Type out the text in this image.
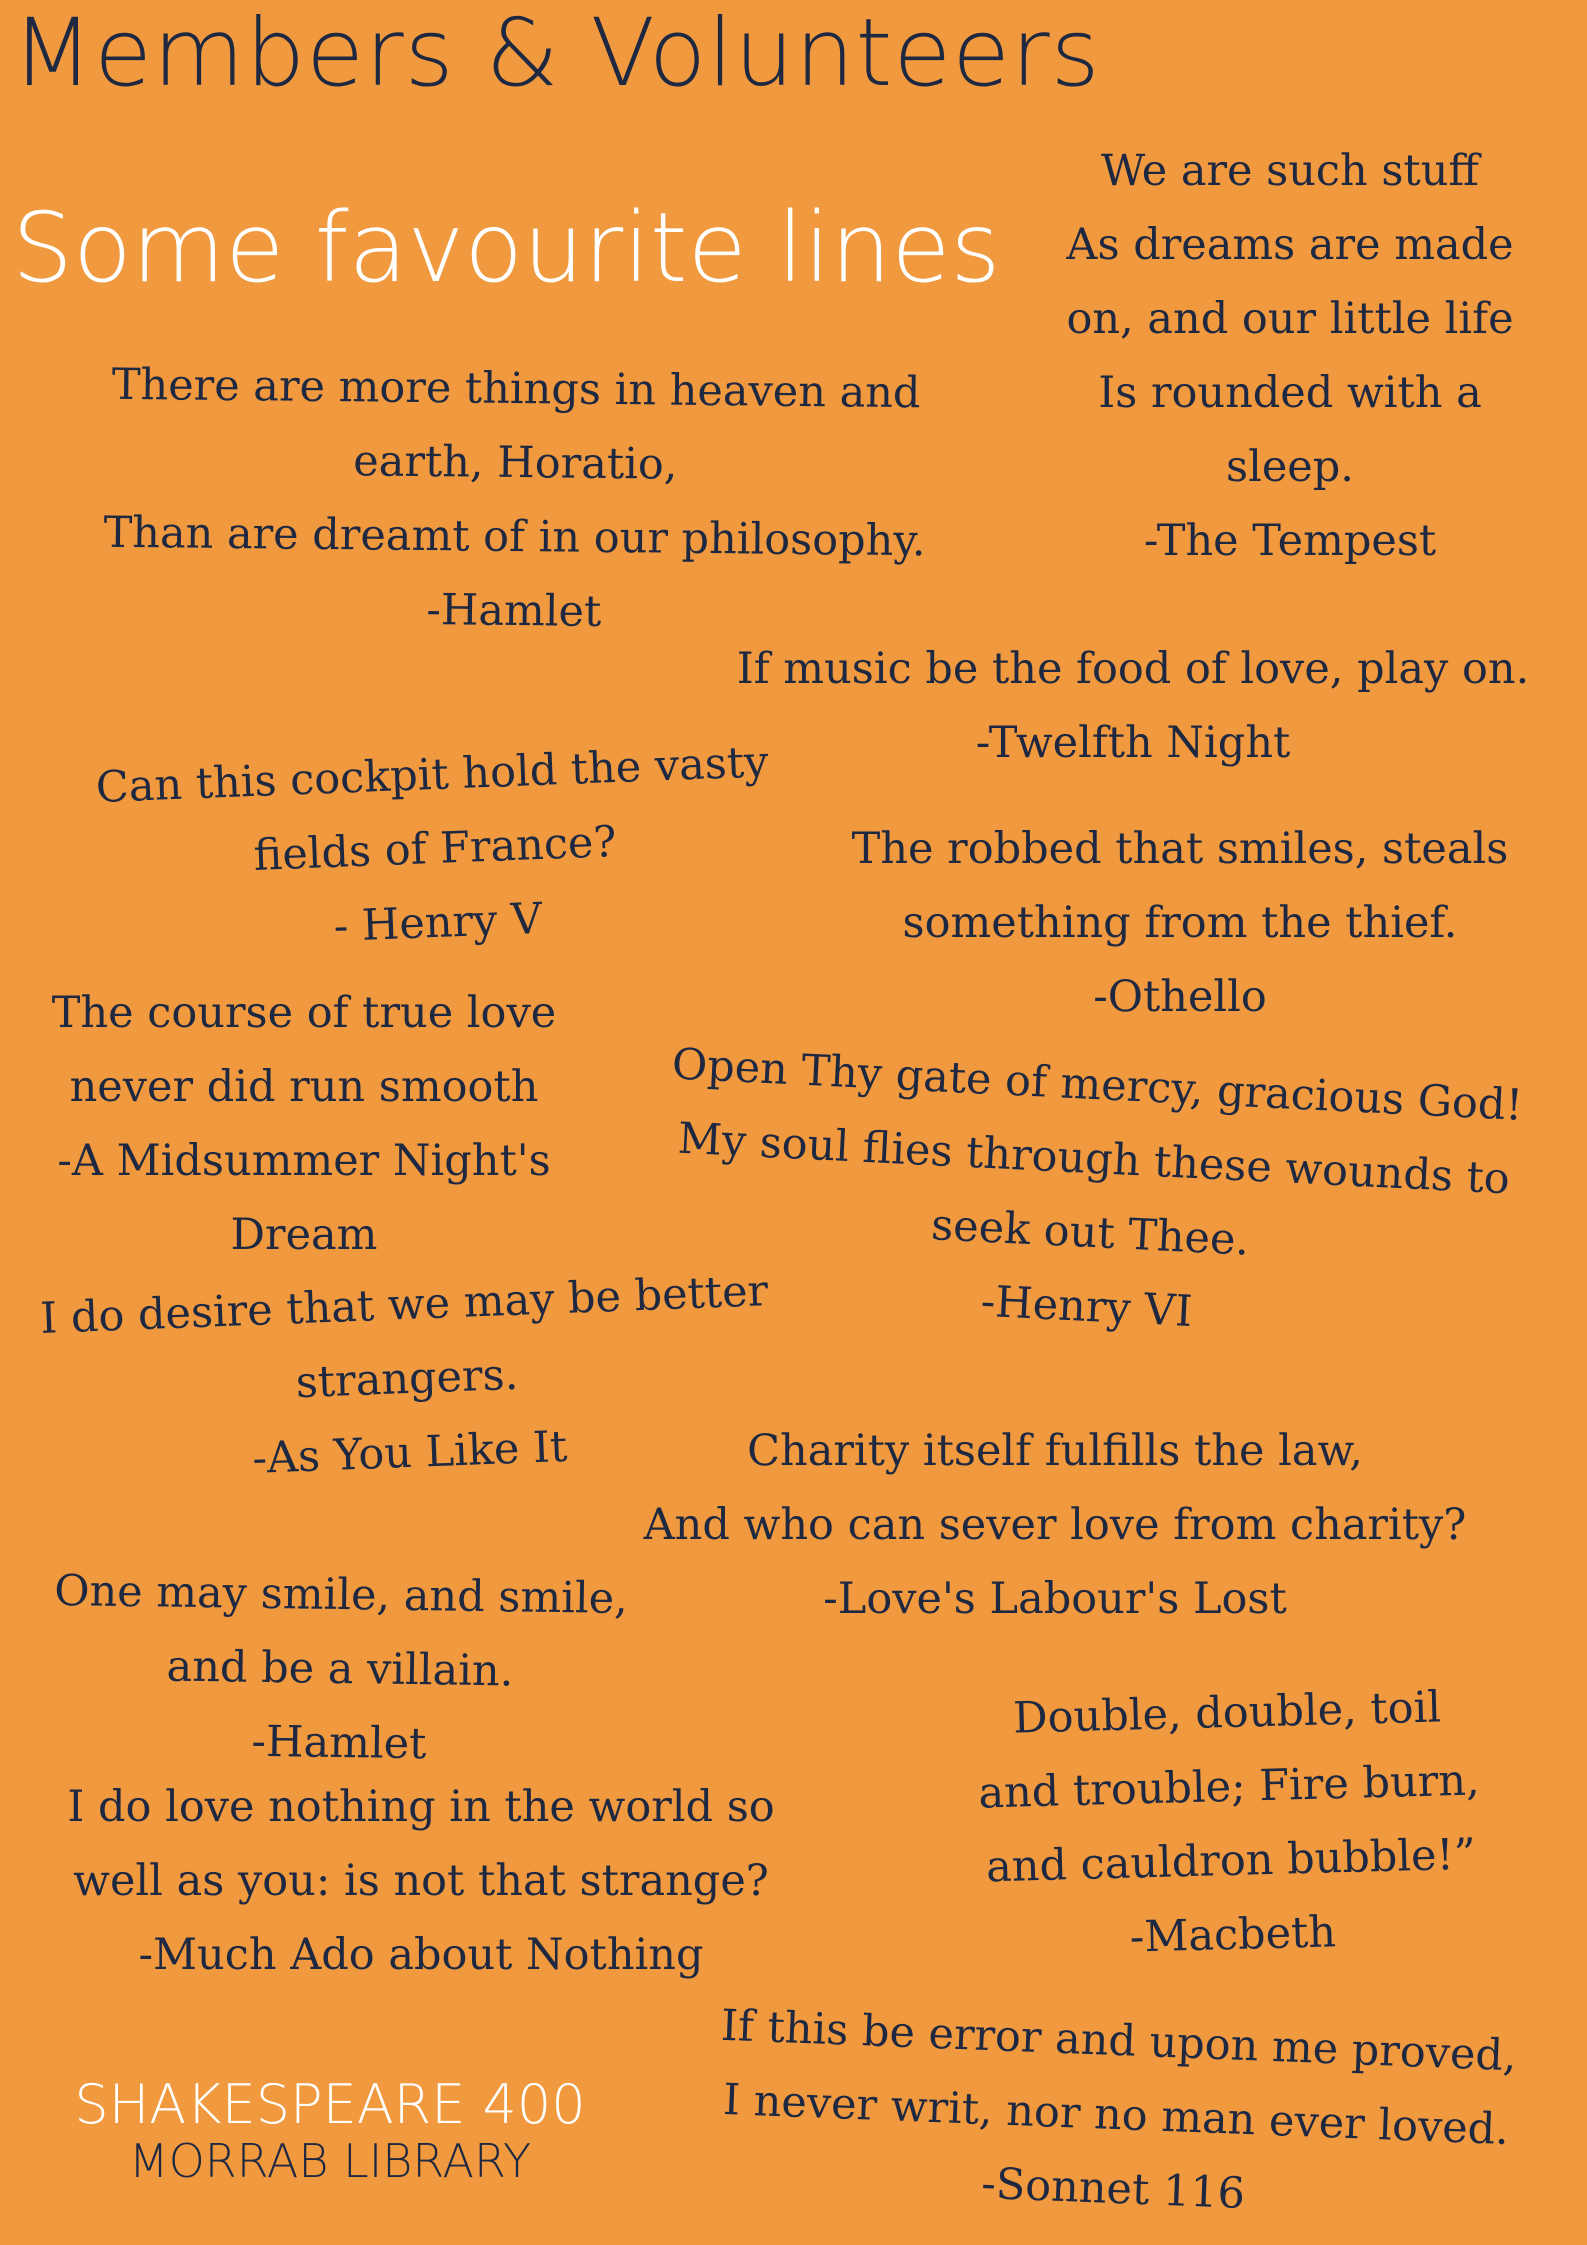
Members & Volunteers
Some favourite lines
We are such stuff
As dreams are made
on, and our little life
Is rounded with a
sleep.
-The Tempest
There are more things in heaven and
earth, Horatio,
Than are dreamt of in our philosophy.
-Hamlet
If music be the food of love, play on.
-Twelfth Night
Can this cockpit hold the vasty
fields of France?
- Henry V
The robbed that smiles, steals
something from the thief.
-Othello
The course of true love
never did run smooth
-A Midsummer Night's
Dream
Open Thy gate of mercy, gracious God!
My soul flies through these wounds to
seek out Thee.
-Henry VI
I do desire that we may be better
strangers.
-As You Like It	Charity itself fulfills the law,
And who can sever love from charity?
-Love's Labour's Lost
One may smile, and smile,
and be a villain.
-Hamlet	Double, double, toil
and trouble; Fire burn,
and cauldron bubble!”
-Macbeth
I do love nothing in the world so
well as you: is not that strange?
-Much Ado about Nothing
If this be error and upon me proved,
I never writ, nor no man ever loved.
-Sonnet 116
SHAKESPEARE 400
MORRAB LIBRARY
